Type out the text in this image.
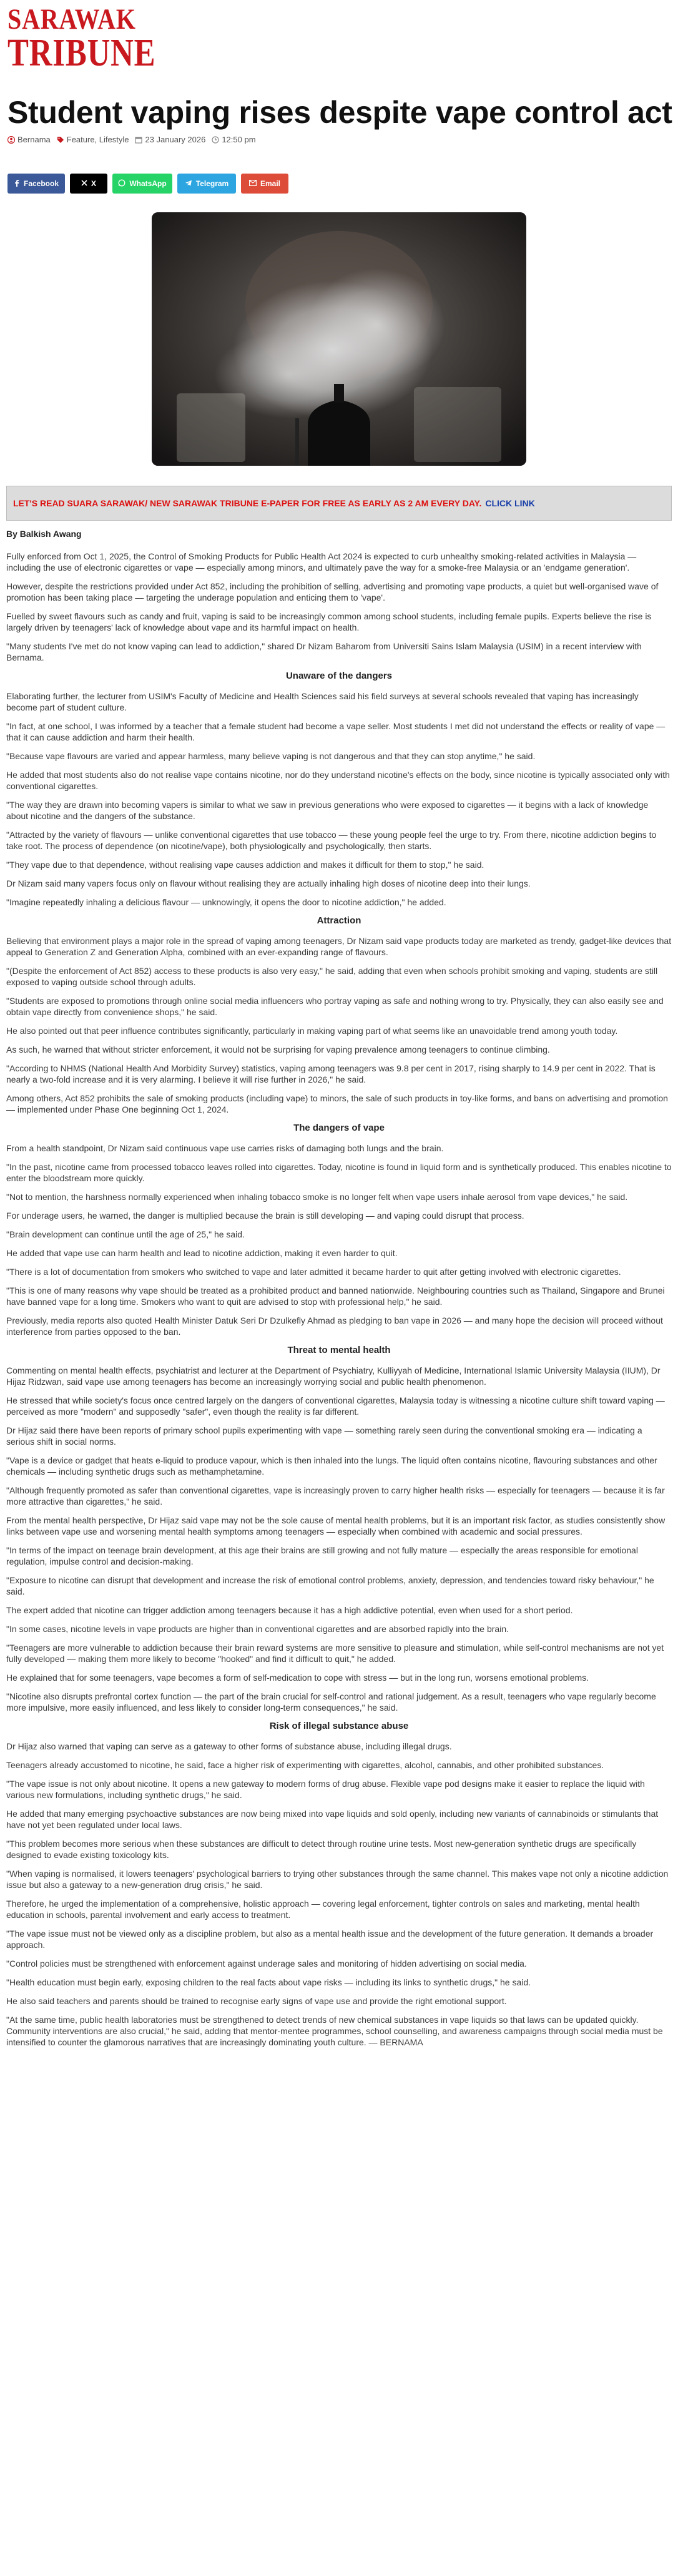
SARAWAK
TRIBUNE
Student vaping rises despite vape control act
Bernama Feature, Lifestyle 23 January 2026 12:50 pm
Facebook	X	WhatsApp	Telegram	Email
LET'S READ SUARA SARAWAK/ NEW SARAWAK TRIBUNE E-PAPER FOR FREE AS EARLY AS 2 AM EVERY DAY. CLICK LINK

By Balkish Awang

Fully enforced from Oct 1, 2025, the Control of Smoking Products for Public Health Act 2024 is expected to curb unhealthy smoking-related activities in Malaysia — including the use of electronic cigarettes or vape — especially among minors, and ultimately pave the way for a smoke-free Malaysia or an 'endgame generation'.

However, despite the restrictions provided under Act 852, including the prohibition of selling, advertising and promoting vape products, a quiet but well-organised wave of promotion has been taking place — targeting the underage population and enticing them to 'vape'.

Fuelled by sweet flavours such as candy and fruit, vaping is said to be increasingly common among school students, including female pupils. Experts believe the rise is largely driven by teenagers' lack of knowledge about vape and its harmful impact on health.

"Many students I've met do not know vaping can lead to addiction," shared Dr Nizam Baharom from Universiti Sains Islam Malaysia (USIM) in a recent interview with Bernama.

Unaware of the dangers

Elaborating further, the lecturer from USIM's Faculty of Medicine and Health Sciences said his field surveys at several schools revealed that vaping has increasingly become part of student culture.

"In fact, at one school, I was informed by a teacher that a female student had become a vape seller. Most students I met did not understand the effects or reality of vape — that it can cause addiction and harm their health.

"Because vape flavours are varied and appear harmless, many believe vaping is not dangerous and that they can stop anytime," he said.

He added that most students also do not realise vape contains nicotine, nor do they understand nicotine's effects on the body, since nicotine is typically associated only with conventional cigarettes.

"The way they are drawn into becoming vapers is similar to what we saw in previous generations who were exposed to cigarettes — it begins with a lack of knowledge about nicotine and the dangers of the substance.

"Attracted by the variety of flavours — unlike conventional cigarettes that use tobacco — these young people feel the urge to try. From there, nicotine addiction begins to take root. The process of dependence (on nicotine/vape), both physiologically and psychologically, then starts.

"They vape due to that dependence, without realising vape causes addiction and makes it difficult for them to stop," he said.

Dr Nizam said many vapers focus only on flavour without realising they are actually inhaling high doses of nicotine deep into their lungs.

"Imagine repeatedly inhaling a delicious flavour — unknowingly, it opens the door to nicotine addiction," he added.

Attraction

Believing that environment plays a major role in the spread of vaping among teenagers, Dr Nizam said vape products today are marketed as trendy, gadget-like devices that appeal to Generation Z and Generation Alpha, combined with an ever-expanding range of flavours.

"(Despite the enforcement of Act 852) access to these products is also very easy," he said, adding that even when schools prohibit smoking and vaping, students are still exposed to vaping outside school through adults.

"Students are exposed to promotions through online social media influencers who portray vaping as safe and nothing wrong to try. Physically, they can also easily see and obtain vape directly from convenience shops," he said.

He also pointed out that peer influence contributes significantly, particularly in making vaping part of what seems like an unavoidable trend among youth today.

As such, he warned that without stricter enforcement, it would not be surprising for vaping prevalence among teenagers to continue climbing.

"According to NHMS (National Health And Morbidity Survey) statistics, vaping among teenagers was 9.8 per cent in 2017, rising sharply to 14.9 per cent in 2022. That is nearly a two-fold increase and it is very alarming. I believe it will rise further in 2026," he said.

Among others, Act 852 prohibits the sale of smoking products (including vape) to minors, the sale of such products in toy-like forms, and bans on advertising and promotion — implemented under Phase One beginning Oct 1, 2024.

The dangers of vape

From a health standpoint, Dr Nizam said continuous vape use carries risks of damaging both lungs and the brain.

"In the past, nicotine came from processed tobacco leaves rolled into cigarettes. Today, nicotine is found in liquid form and is synthetically produced. This enables nicotine to enter the bloodstream more quickly.

"Not to mention, the harshness normally experienced when inhaling tobacco smoke is no longer felt when vape users inhale aerosol from vape devices," he said.

For underage users, he warned, the danger is multiplied because the brain is still developing — and vaping could disrupt that process.

"Brain development can continue until the age of 25," he said.

He added that vape use can harm health and lead to nicotine addiction, making it even harder to quit.

"There is a lot of documentation from smokers who switched to vape and later admitted it became harder to quit after getting involved with electronic cigarettes.

"This is one of many reasons why vape should be treated as a prohibited product and banned nationwide. Neighbouring countries such as Thailand, Singapore and Brunei have banned vape for a long time. Smokers who want to quit are advised to stop with professional help," he said.

Previously, media reports also quoted Health Minister Datuk Seri Dr Dzulkefly Ahmad as pledging to ban vape in 2026 — and many hope the decision will proceed without interference from parties opposed to the ban.

Threat to mental health

Commenting on mental health effects, psychiatrist and lecturer at the Department of Psychiatry, Kulliyyah of Medicine, International Islamic University Malaysia (IIUM), Dr Hijaz Ridzwan, said vape use among teenagers has become an increasingly worrying social and public health phenomenon.

He stressed that while society's focus once centred largely on the dangers of conventional cigarettes, Malaysia today is witnessing a nicotine culture shift toward vaping — perceived as more "modern" and supposedly "safer", even though the reality is far different.

Dr Hijaz said there have been reports of primary school pupils experimenting with vape — something rarely seen during the conventional smoking era — indicating a serious shift in social norms.

"Vape is a device or gadget that heats e-liquid to produce vapour, which is then inhaled into the lungs. The liquid often contains nicotine, flavouring substances and other chemicals — including synthetic drugs such as methamphetamine.

"Although frequently promoted as safer than conventional cigarettes, vape is increasingly proven to carry higher health risks — especially for teenagers — because it is far more attractive than cigarettes," he said.

From the mental health perspective, Dr Hijaz said vape may not be the sole cause of mental health problems, but it is an important risk factor, as studies consistently show links between vape use and worsening mental health symptoms among teenagers — especially when combined with academic and social pressures.

"In terms of the impact on teenage brain development, at this age their brains are still growing and not fully mature — especially the areas responsible for emotional regulation, impulse control and decision-making.

"Exposure to nicotine can disrupt that development and increase the risk of emotional control problems, anxiety, depression, and tendencies toward risky behaviour," he said.

The expert added that nicotine can trigger addiction among teenagers because it has a high addictive potential, even when used for a short period.

"In some cases, nicotine levels in vape products are higher than in conventional cigarettes and are absorbed rapidly into the brain.

"Teenagers are more vulnerable to addiction because their brain reward systems are more sensitive to pleasure and stimulation, while self-control mechanisms are not yet fully developed — making them more likely to become "hooked" and find it difficult to quit," he added.

He explained that for some teenagers, vape becomes a form of self-medication to cope with stress — but in the long run, worsens emotional problems.

"Nicotine also disrupts prefrontal cortex function — the part of the brain crucial for self-control and rational judgement. As a result, teenagers who vape regularly become more impulsive, more easily influenced, and less likely to consider long-term consequences," he said.

Risk of illegal substance abuse

Dr Hijaz also warned that vaping can serve as a gateway to other forms of substance abuse, including illegal drugs.

Teenagers already accustomed to nicotine, he said, face a higher risk of experimenting with cigarettes, alcohol, cannabis, and other prohibited substances.

"The vape issue is not only about nicotine. It opens a new gateway to modern forms of drug abuse. Flexible vape pod designs make it easier to replace the liquid with various new formulations, including synthetic drugs," he said.

He added that many emerging psychoactive substances are now being mixed into vape liquids and sold openly, including new variants of cannabinoids or stimulants that have not yet been regulated under local laws.

"This problem becomes more serious when these substances are difficult to detect through routine urine tests. Most new-generation synthetic drugs are specifically designed to evade existing toxicology kits.

"When vaping is normalised, it lowers teenagers' psychological barriers to trying other substances through the same channel. This makes vape not only a nicotine addiction issue but also a gateway to a new-generation drug crisis," he said.

Therefore, he urged the implementation of a comprehensive, holistic approach — covering legal enforcement, tighter controls on sales and marketing, mental health education in schools, parental involvement and early access to treatment.

"The vape issue must not be viewed only as a discipline problem, but also as a mental health issue and the development of the future generation. It demands a broader approach.

"Control policies must be strengthened with enforcement against underage sales and monitoring of hidden advertising on social media.

"Health education must begin early, exposing children to the real facts about vape risks — including its links to synthetic drugs," he said.

He also said teachers and parents should be trained to recognise early signs of vape use and provide the right emotional support.

"At the same time, public health laboratories must be strengthened to detect trends of new chemical substances in vape liquids so that laws can be updated quickly. Community interventions are also crucial," he said, adding that mentor-mentee programmes, school counselling, and awareness campaigns through social media must be intensified to counter the glamorous narratives that are increasingly dominating youth culture. — BERNAMA
